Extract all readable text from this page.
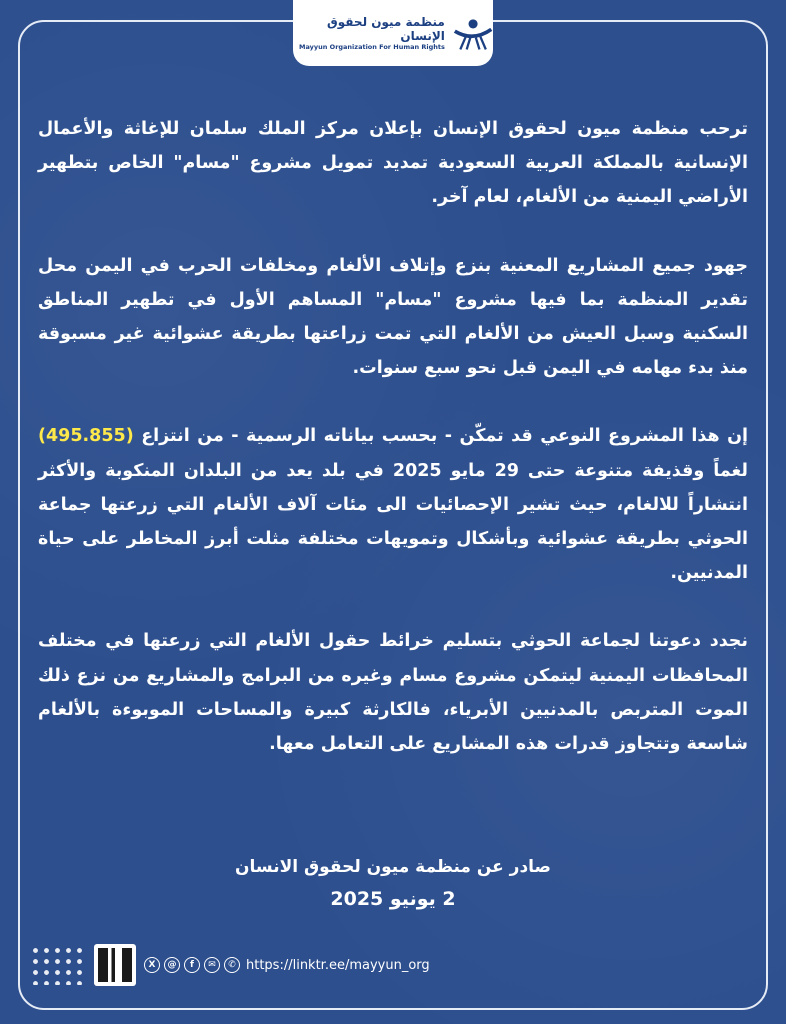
منظمة ميون لحقوق الإنسان
Mayyun Organization For Human Rights

ترحب منظمة ميون لحقوق الإنسان بإعلان مركز الملك سلمان للإغاثة والأعمال الإنسانية بالمملكة العربية السعودية تمديد تمويل مشروع "مسام" الخاص بتطهير الأراضي اليمنية من الألغام، لعام آخر.

جهود جميع المشاريع المعنية بنزع وإتلاف الألغام ومخلفات الحرب في اليمن محل تقدير المنظمة بما فيها مشروع "مسام" المساهم الأول في تطهير المناطق السكنية وسبل العيش من الألغام التي تمت زراعتها بطريقة عشوائية غير مسبوقة منذ بدء مهامه في اليمن قبل نحو سبع سنوات.

إن هذا المشروع النوعي قد تمكّن - بحسب بياناته الرسمية - من انتزاع (495.855) لغماً وقذيفة متنوعة حتى 29 مايو 2025 في بلد يعد من البلدان المنكوبة والأكثر انتشاراً للالغام، حيث تشير الإحصائيات الى مئات آلاف الألغام التي زرعتها جماعة الحوثي بطريقة عشوائية وبأشكال وتمويهات مختلفة مثلت أبرز المخاطر على حياة المدنيين.

نجدد دعوتنا لجماعة الحوثي بتسليم خرائط حقول الألغام التي زرعتها في مختلف المحافظات اليمنية ليتمكن مشروع مسام وغيره من البرامج والمشاريع من نزع ذلك الموت المتربص بالمدنيين الأبرياء، فالكارثة كبيرة والمساحات الموبوءة بالألغام شاسعة وتتجاوز قدرات هذه المشاريع على التعامل معها.

صادر عن منظمة ميون لحقوق الانسان
2 يونيو 2025
X	@	f	✉	✆ https://linktr.ee/mayyun_org
